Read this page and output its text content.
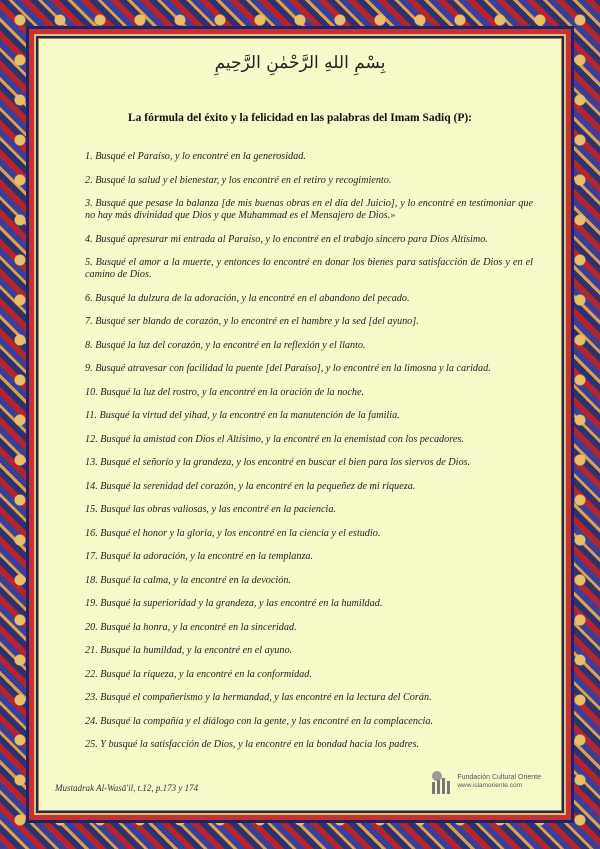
بِسْمِ اللهِ الرَّحْمٰنِ الرَّحِيمِ
La fórmula del éxito y la felicidad en las palabras del Imam Sadiq (P):
1. Busqué el Paraíso, y lo encontré en la generosidad.
2. Busqué la salud y el bienestar, y los encontré en el retiro y recogimiento.
3. Busqué que pesase la balanza [de mis buenas obras en el día del Juicio], y lo encontré en testimoniar que no hay más divinidad que Dios y que Muhammad es el Mensajero de Dios.»
4. Busqué apresurar mi entrada al Paraíso, y lo encontré en el trabajo sincero para Dios Altísimo.
5. Busqué el amor a la muerte, y entonces lo encontré en donar los bienes para satisfacción de Dios y en el camino de Dios.
6. Busqué la dulzura de la adoración, y la encontré en el abandono del pecado.
7. Busqué ser blando de corazón, y lo encontré en el hambre y la sed [del ayuno].
8. Busqué la luz del corazón, y la encontré en la reflexión y el llanto.
9. Busqué atravesar con facilidad la puente [del Paraíso], y lo encontré en la limosna y la caridad.
10. Busqué la luz del rostro, y la encontré en la oración de la noche.
11. Busqué la virtud del yihad, y la encontré en la manutención de la familia.
12. Busqué la amistad con Dios el Altísimo, y la encontré en la enemistad con los pecadores.
13. Busqué el señorío y la grandeza, y los encontré en buscar el bien para los siervos de Dios.
14. Busqué la serenidad del corazón, y la encontré en la pequeñez de mi riqueza.
15. Busqué las obras valiosas, y las encontré en la paciencia.
16. Busqué el honor y la gloria, y los encontré en la ciencia y el estudio.
17. Busqué la adoración, y la encontré en la templanza.
18. Busqué la calma, y la encontré en la devoción.
19. Busqué la superioridad y la grandeza, y las encontré en la humildad.
20. Busqué la honra, y la encontré en la sinceridad.
21. Busqué la humildad, y la encontré en el ayuno.
22. Busqué la riqueza, y la encontré en la conformidad.
23. Busqué el compañerismo y la hermandad, y las encontré en la lectura del Corán.
24. Busqué la compañía y el diálogo con la gente, y las encontré en la complacencia.
25. Y busqué la satisfacción de Dios, y la encontré en la bondad hacia los padres.
Mustadrak Al-Wasā'il, t.12, p.173 y 174
Fundación Cultural Oriente
www.islamoriente.com
